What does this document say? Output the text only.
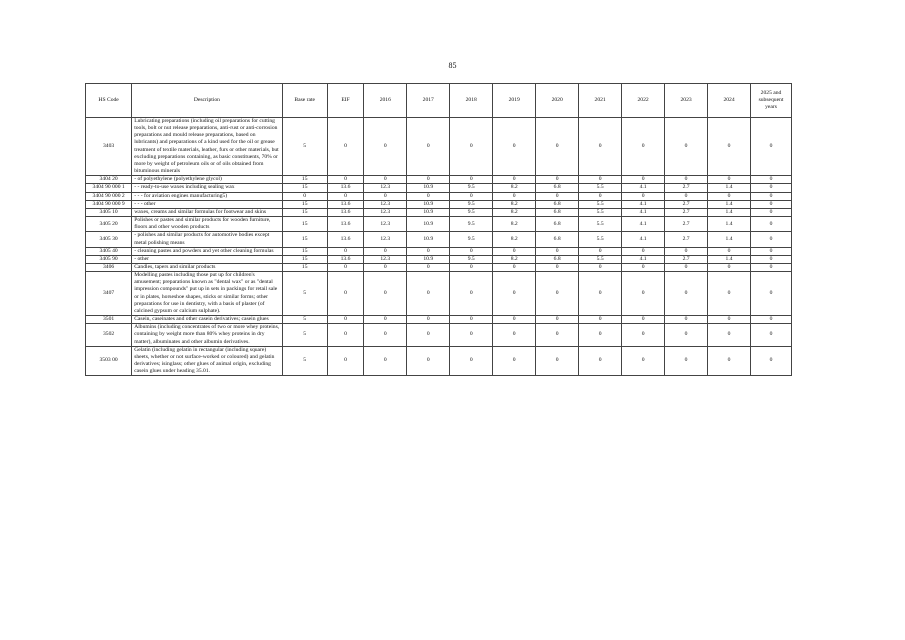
85
HS Code	Description	Base rate	EIF	2016	2017	2018	2019	2020	2021	2022	2023	2024	2025 and subsequent years
3403	Lubricating preparations (including oil preparations for cutting tools, bolt or nut release preparations, anti-rust or anti-corrosion preparations and mould release preparations, based on lubricants) and preparations of a kind used for the oil or grease treatment of textile materials, leather, furs or other materials, but excluding preparations containing, as basic constituents, 70% or more by weight of petroleum oils or of oils obtained from bituminous minerals	5	0	0	0	0	0	0	0	0	0	0	0
3404 20	- of polyethylene (polyethylene glycol)	15	0	0	0	0	0	0	0	0	0	0	0
3404 90 000 1	- - ready-to-use waxes including sealing wax	15	13.6	12.3	10.9	9.5	8.2	6.8	5.5	4.1	2.7	1.4	0
3404 90 000 2	- - - for aviation engines manufacturing5)	0	0	0	0	0	0	0	0	0	0	0	0
3404 90 000 9	- - - other	15	13.6	12.3	10.9	9.5	8.2	6.8	5.5	4.1	2.7	1.4	0
3405 10	waxes, creams and similar formulas for footwear and skins	15	13.6	12.3	10.9	9.5	8.2	6.8	5.5	4.1	2.7	1.4	0
3405 20	Polishes or pastes and similar products for wooden furniture, floors and other wooden products	15	13.6	12.3	10.9	9.5	8.2	6.8	5.5	4.1	2.7	1.4	0
3405 30	- polishes and similar products for automotive bodies except metal polishing means	15	13.6	12.3	10.9	9.5	8.2	6.8	5.5	4.1	2.7	1.4	0
3405 40	- cleaning pastes and powders and yet other cleaning formulas	15	0	0	0	0	0	0	0	0	0	0	0
3405 90	- other	15	13.6	12.3	10.9	9.5	8.2	6.8	5.5	4.1	2.7	1.4	0
3406	Candles, tapers and similar products	15	0	0	0	0	0	0	0	0	0	0	0
3407	Modelling pastes including those put up for children's amusement; preparations known as "dental wax" or as "dental impression compounds" put up in sets in packings for retail sale or in plates, horseshoe shapes, sticks or similar forms; other preparations for use in dentistry, with a basis of plaster (of calcined gypsum or calcium sulphate).	5	0	0	0	0	0	0	0	0	0	0	0
3501	Casein, caseinates and other casein derivatives; casein glues	5	0	0	0	0	0	0	0	0	0	0	0
3502	Albumins (including concentrates of two or more whey proteins, containing by weight more than 80% whey proteins in dry matter), albuminates and other albumin derivatives.	5	0	0	0	0	0	0	0	0	0	0	0
3503 00	Gelatin (including gelatin in rectangular (including square) sheets, whether or not surface-worked or coloured) and gelatin derivatives; isinglass; other glues of animal origin, excluding casein glues under heading 35.01.	5	0	0	0	0	0	0	0	0	0	0	0
